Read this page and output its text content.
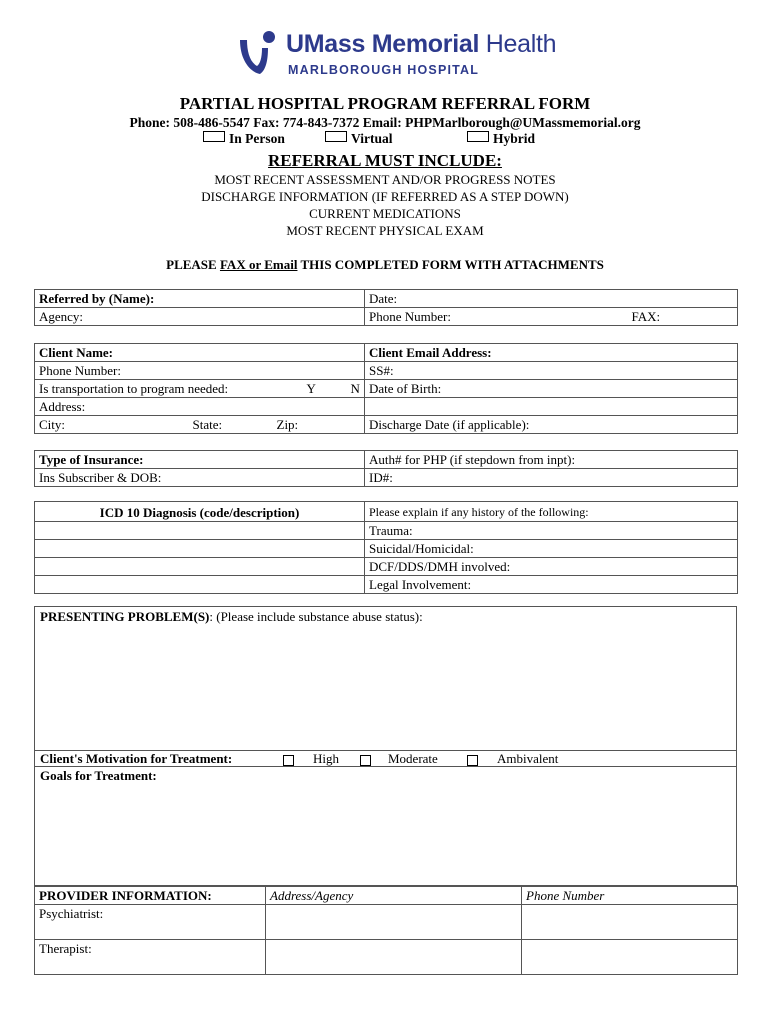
UMass Memorial Health
MARLBOROUGH HOSPITAL
PARTIAL HOSPITAL PROGRAM REFERRAL FORM
Phone: 508-486-5547 Fax: 774-843-7372 Email: PHPMarlborough@UMassmemorial.org
In Person	Virtual	Hybrid
REFERRAL MUST INCLUDE:
MOST RECENT ASSESSMENT AND/OR PROGRESS NOTES
DISCHARGE INFORMATION (IF REFERRED AS A STEP DOWN)
CURRENT MEDICATIONS
MOST RECENT PHYSICAL EXAM
PLEASE FAX or Email THIS COMPLETED FORM WITH ATTACHMENTS
Referred by (Name):	Date:
Agency:	Phone Number: FAX:
Client Name:	Client Email Address:
Phone Number:	SS#:
Is transportation to program needed: Y N	Date of Birth:
Address:	
City: State: Zip:	Discharge Date (if applicable):
Type of Insurance:	Auth# for PHP (if stepdown from inpt):
Ins Subscriber & DOB:	ID#:
ICD 10 Diagnosis (code/description)	Please explain if any history of the following:
	Trauma:
	Suicidal/Homicidal:
	DCF/DDS/DMH involved:
	Legal Involvement:
PRESENTING PROBLEM(S): (Please include substance abuse status):
Client's Motivation for Treatment:	High	Moderate	Ambivalent
Goals for Treatment:
PROVIDER INFORMATION:	Address/Agency	Phone Number
Psychiatrist:		
Therapist:		
